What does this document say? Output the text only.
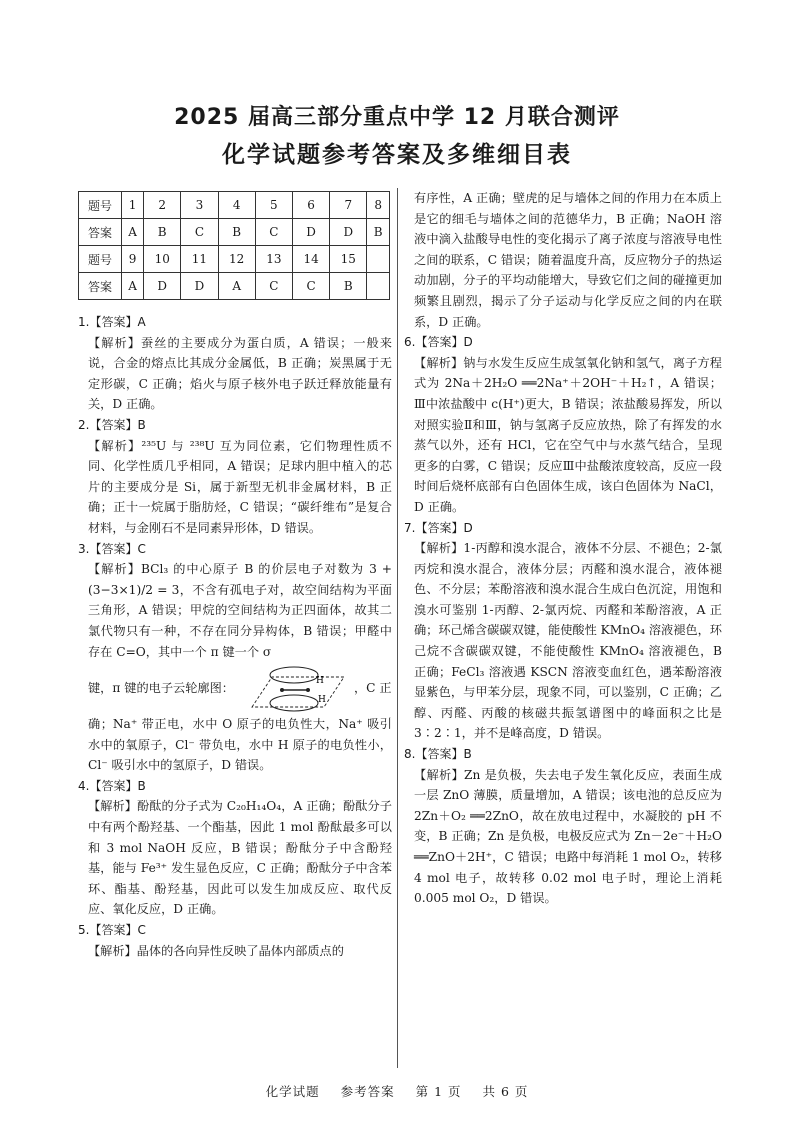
2025 届高三部分重点中学 12 月联合测评
化学试题参考答案及多维细目表
题号	1	2	3	4	5	6	7	8
答案	A	B	C	B	C	D	D	B
题号	9	10	11	12	13	14	15	
答案	A	D	D	A	C	C	B	
1.【答案】A

【解析】蚕丝的主要成分为蛋白质，A 错误；一般来说，合金的熔点比其成分金属低，B 正确；炭黑属于无定形碳，C 正确；焰火与原子核外电子跃迁释放能量有关，D 正确。

2.【答案】B

【解析】²³⁵U 与 ²³⁸U 互为同位素，它们物理性质不同、化学性质几乎相同，A 错误；足球内胆中植入的芯片的主要成分是 Si，属于新型无机非金属材料，B 正确；正十一烷属于脂肪烃，C 错误；“碳纤维布”是复合材料，与金刚石不是同素异形体，D 错误。

3.【答案】C

【解析】BCl₃ 的中心原子 B 的价层电子对数为 3 + (3−3×1)/2 = 3，不含有孤电子对，故空间结构为平面三角形，A 错误；甲烷的空间结构为正四面体，故其二氯代物只有一种，不存在同分异构体，B 错误；甲醛中存在 C=O，其中一个 π 键一个 σ

键，π 键的电子云轮廓图：	H
H
，C 正

确；Na⁺ 带正电，水中 O 原子的电负性大，Na⁺ 吸引水中的氧原子，Cl⁻ 带负电，水中 H 原子的电负性小，Cl⁻ 吸引水中的氢原子，D 错误。

4.【答案】B

【解析】酚酞的分子式为 C₂₀H₁₄O₄，A 正确；酚酞分子中有两个酚羟基、一个酯基，因此 1 mol 酚酞最多可以和 3 mol NaOH 反应，B 错误；酚酞分子中含酚羟基，能与 Fe³⁺ 发生显色反应，C 正确；酚酞分子中含苯环、酯基、酚羟基，因此可以发生加成反应、取代反应、氧化反应，D 正确。

5.【答案】C

【解析】晶体的各向异性反映了晶体内部质点的

有序性，A 正确；壁虎的足与墙体之间的作用力在本质上是它的细毛与墙体之间的范德华力，B 正确；NaOH 溶液中滴入盐酸导电性的变化揭示了离子浓度与溶液导电性之间的联系，C 错误；随着温度升高，反应物分子的热运动加剧，分子的平均动能增大，导致它们之间的碰撞更加频繁且剧烈，揭示了分子运动与化学反应之间的内在联系，D 正确。

6.【答案】D

【解析】钠与水发生反应生成氢氧化钠和氢气，离子方程式为 2Na＋2H₂O ══2Na⁺＋2OH⁻＋H₂↑，A 错误；Ⅲ中浓盐酸中 c(H⁺)更大，B 错误；浓盐酸易挥发，所以对照实验Ⅱ和Ⅲ，钠与氢离子反应放热，除了有挥发的水蒸气以外，还有 HCl，它在空气中与水蒸气结合，呈现更多的白雾，C 错误；反应Ⅲ中盐酸浓度较高，反应一段时间后烧杯底部有白色固体生成，该白色固体为 NaCl，D 正确。

7.【答案】D

【解析】1-丙醇和溴水混合，液体不分层、不褪色；2-氯丙烷和溴水混合，液体分层；丙醛和溴水混合，液体褪色、不分层；苯酚溶液和溴水混合生成白色沉淀，用饱和溴水可鉴别 1-丙醇、2-氯丙烷、丙醛和苯酚溶液，A 正确；环己烯含碳碳双键，能使酸性 KMnO₄ 溶液褪色，环己烷不含碳碳双键，不能使酸性 KMnO₄ 溶液褪色，B 正确；FeCl₃ 溶液遇 KSCN 溶液变血红色，遇苯酚溶液显紫色，与甲苯分层，现象不同，可以鉴别，C 正确；乙醇、丙醛、丙酸的核磁共振氢谱图中的峰面积之比是 3∶2∶1，并不是峰高度，D 错误。

8.【答案】B

【解析】Zn 是负极，失去电子发生氧化反应，表面生成一层 ZnO 薄膜，质量增加，A 错误；该电池的总反应为 2Zn＋O₂ ══2ZnO，故在放电过程中，水凝胶的 pH 不变，B 正确；Zn 是负极，电极反应式为 Zn－2e⁻＋H₂O ══ZnO＋2H⁺，C 错误；电路中每消耗 1 mol O₂，转移 4 mol 电子，故转移 0.02 mol 电子时，理论上消耗 0.005 mol O₂，D 错误。

化学试题 参考答案 第 1 页 共 6 页
